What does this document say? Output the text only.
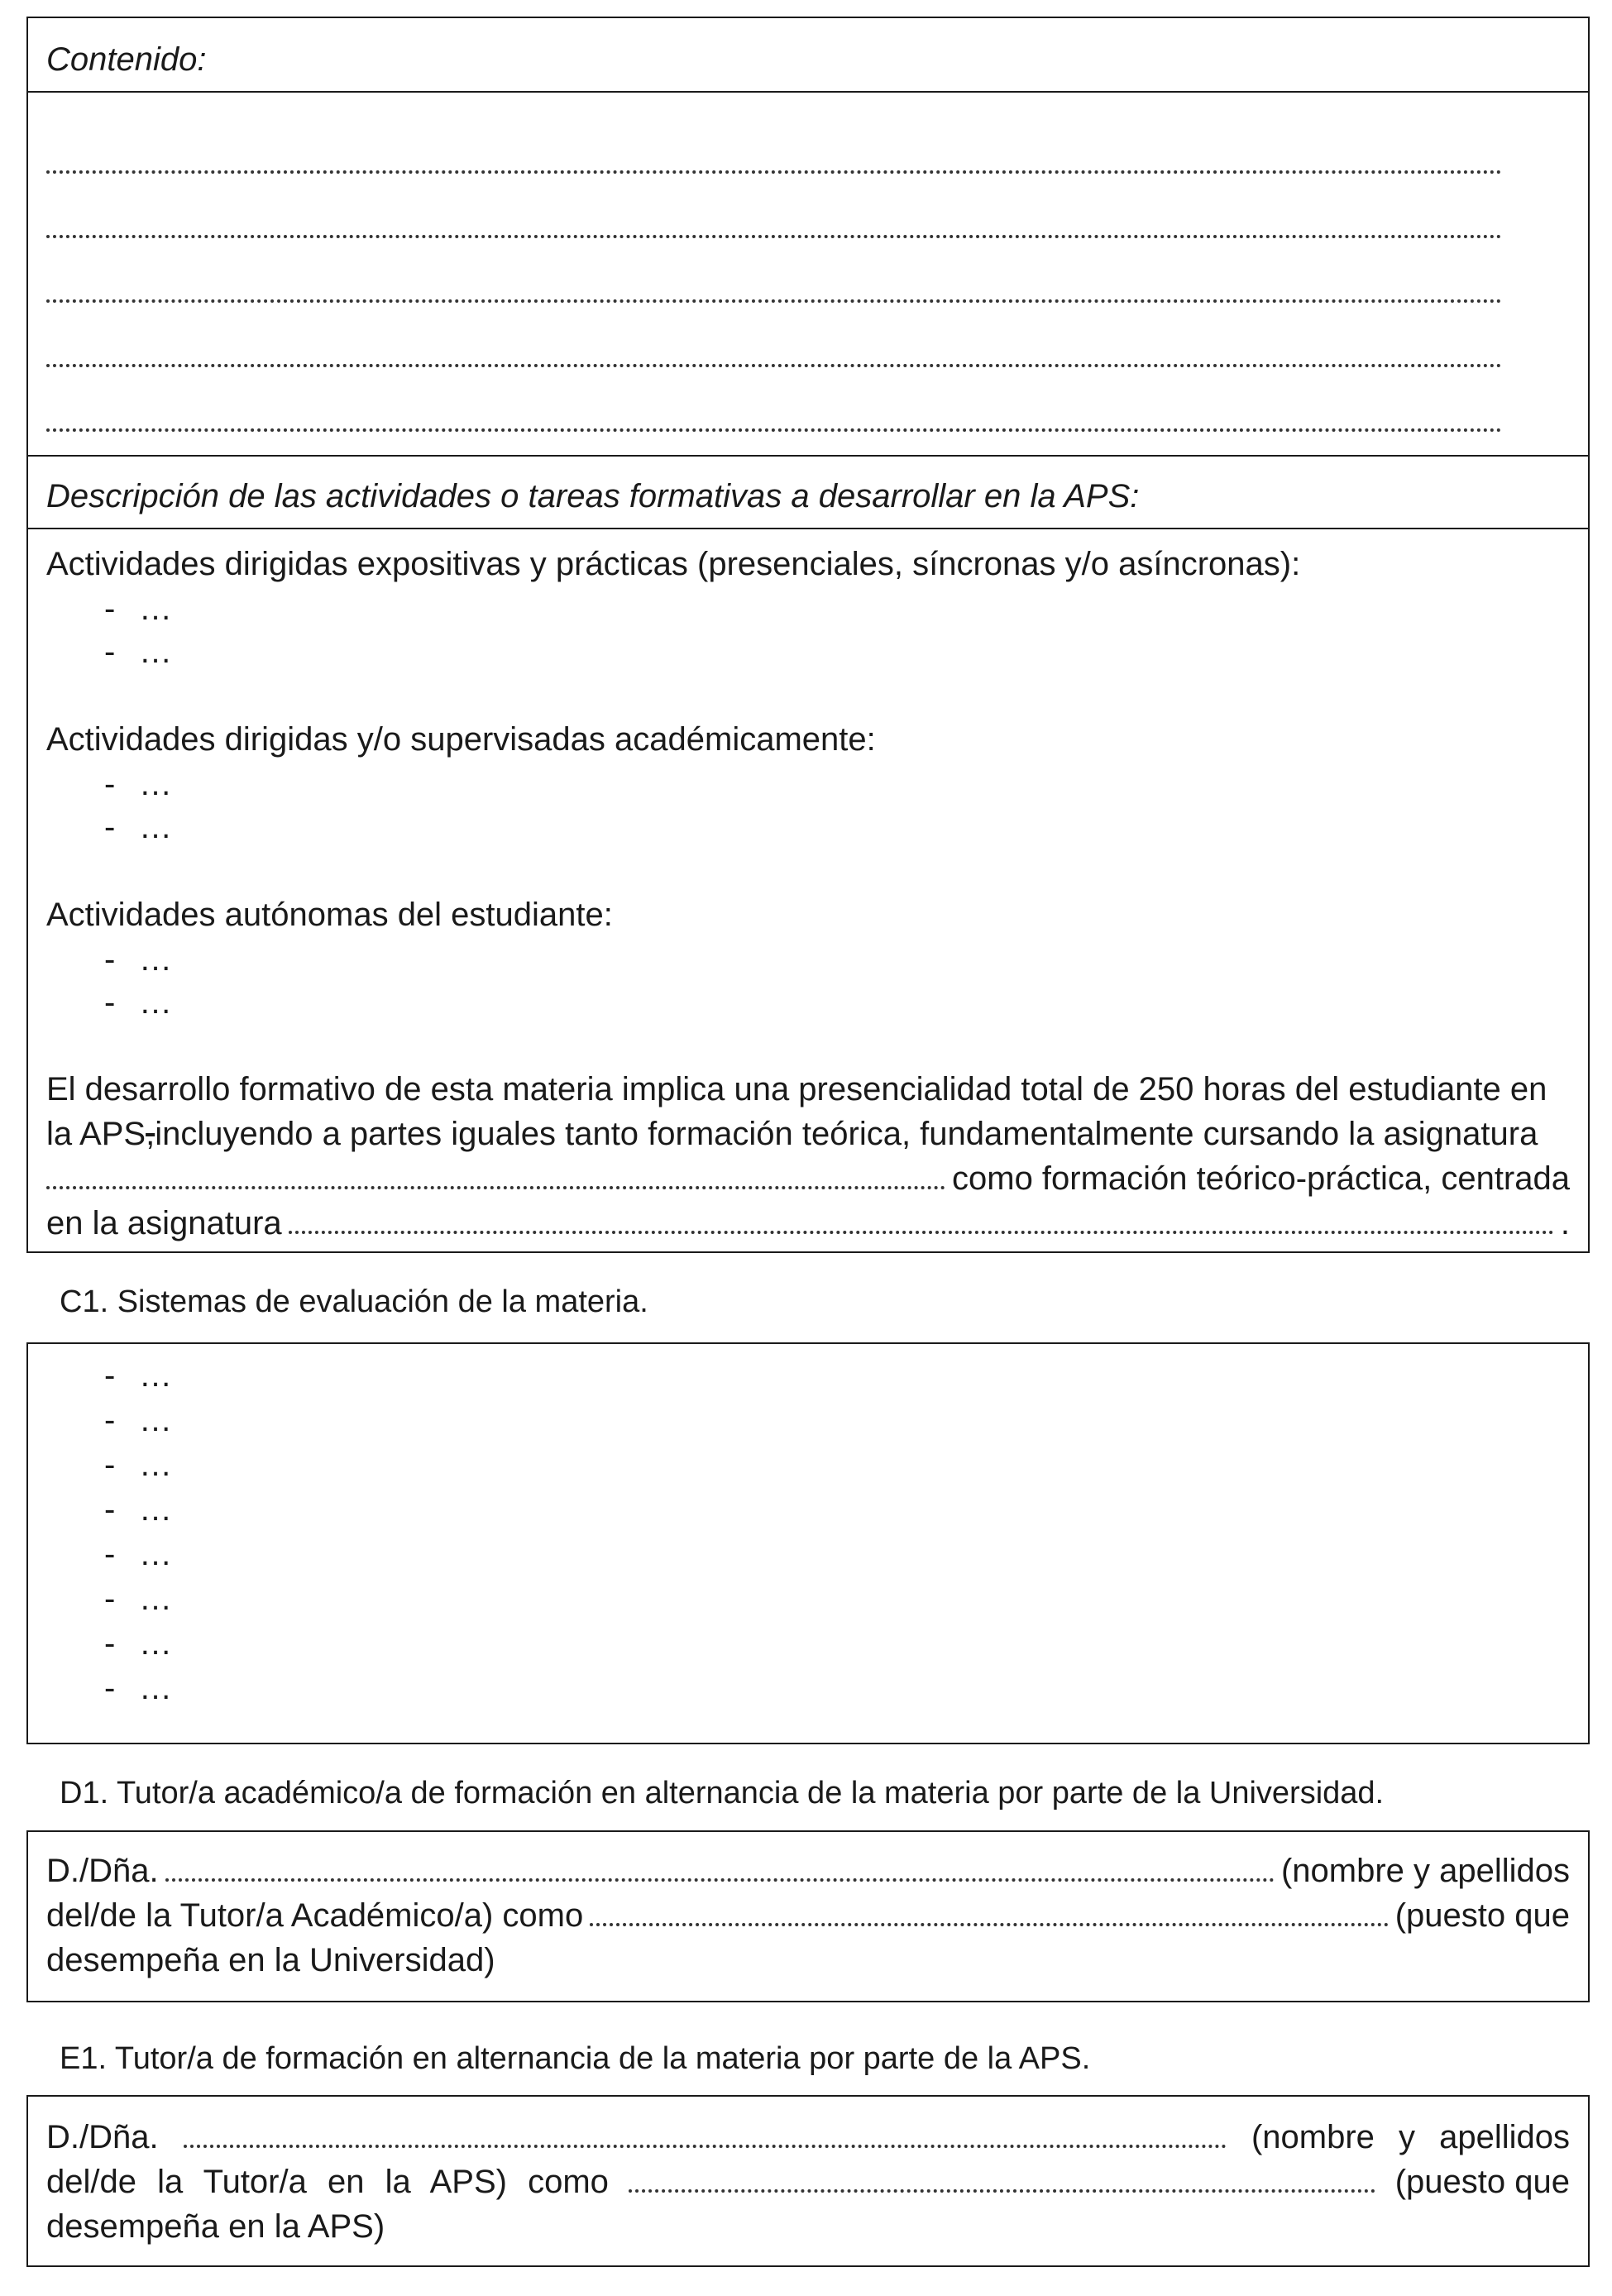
Contenido:
Descripción de las actividades o tareas formativas a desarrollar en la APS:
Actividades dirigidas expositivas y prácticas (presenciales, síncronas y/o asíncronas):
- …
- …
Actividades dirigidas y/o supervisadas académicamente:
- …
- …
Actividades autónomas del estudiante:
- …
- …
El desarrollo formativo de esta materia implica una presencialidad total de 250 horas del estudiante en
la APS , incluyendo a partes iguales tanto formación teórica, fundamentalmente cursando la asignatura
como formación teórico-práctica, centrada
en la asignatura	.
C1. Sistemas de evaluación de la materia.
- …
- …
- …
- …
- …
- …
- …
- …
D1. Tutor/a académico/a de formación en alternancia de la materia por parte de la Universidad.
D./Dña.	(nombre y apellidos
del/de la Tutor/a Académico/a) como	(puesto que
desempeña en la Universidad)
E1. Tutor/a de formación en alternancia de la materia por parte de la APS.
D./Dña.	(nombre y apellidos
del/de la Tutor/a en la APS) como	(puesto que
desempeña en la APS)
